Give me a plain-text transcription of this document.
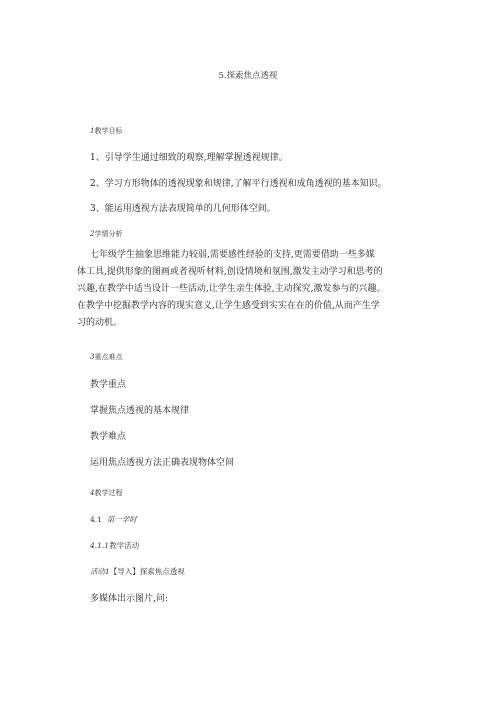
5.探索焦点透视
1教学目标
1、引导学生通过细致的观察,理解掌握透视规律。
2、学习方形物体的透视现象和规律,了解平行透视和成角透视的基本知识。
3、能运用透视方法表现简单的几何形体空间。
2学情分析
七年级学生抽象思维能力较弱,需要感性经验的支持,更需要借助一些多媒
体工具,提供形象的图画或者视听材料,创设情境和氛围,激发主动学习和思考的
兴趣,在教学中适当设计一些活动,让学生亲生体验,主动探究,激发参与的兴趣。
在教学中挖掘教学内容的现实意义,让学生感受到实实在在的价值,从而产生学
习的动机。
3重点难点
教学重点
掌握焦点透视的基本规律
教学难点
运用焦点透视方法正确表现物体空间
4教学过程
4.1 第一学时
4.1.1教学活动
活动1【导入】探索焦点透视
多媒体出示图片,问:
